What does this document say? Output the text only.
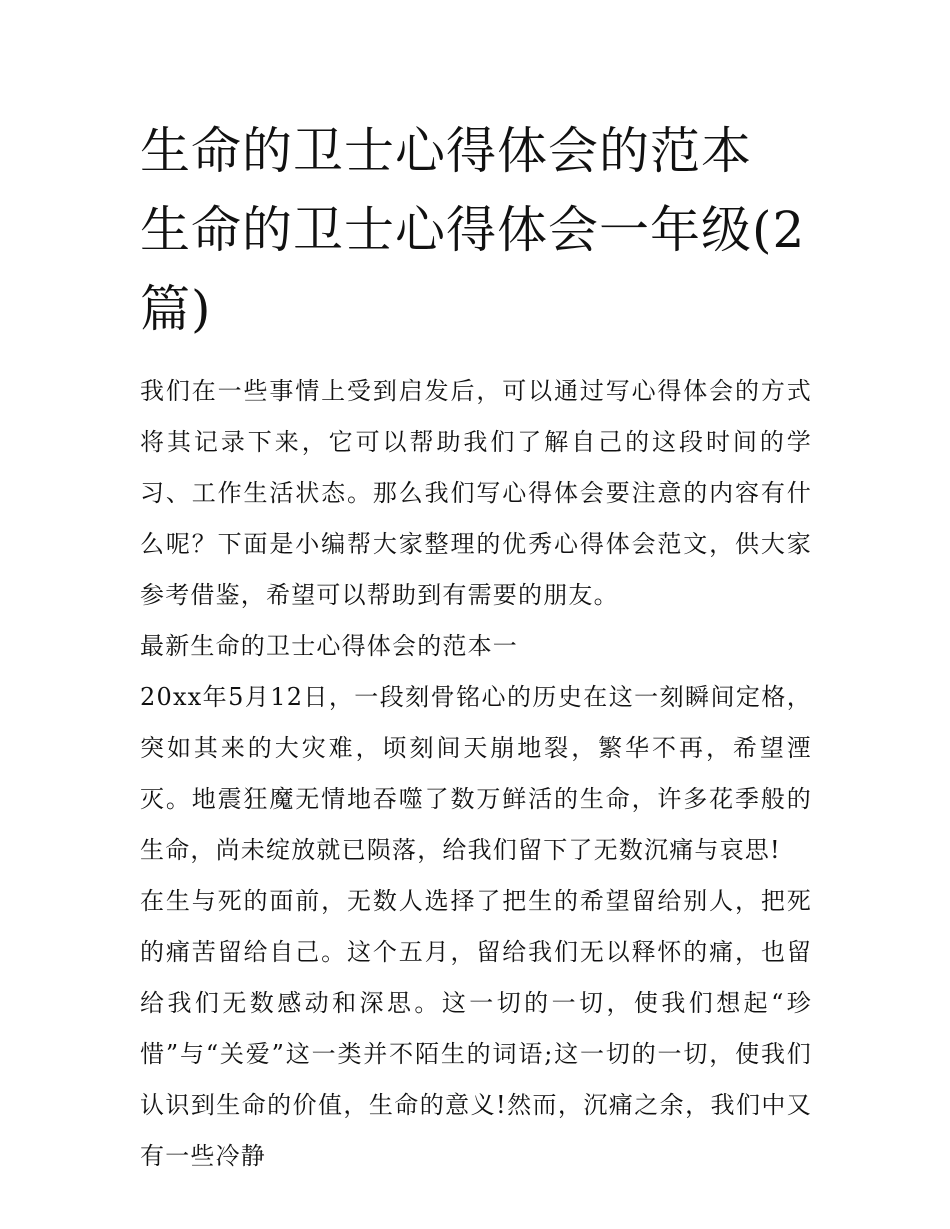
生命的卫士心得体会的范本 生命的卫士心得体会一年级(2篇)

我们在一些事情上受到启发后，可以通过写心得体会的方式将其记录下来，它可以帮助我们了解自己的这段时间的学习、工作生活状态。那么我们写心得体会要注意的内容有什么呢？下面是小编帮大家整理的优秀心得体会范文，供大家参考借鉴，希望可以帮助到有需要的朋友。

最新生命的卫士心得体会的范本一

20xx年5月12日，一段刻骨铭心的历史在这一刻瞬间定格，突如其来的大灾难，顷刻间天崩地裂，繁华不再，希望湮灭。地震狂魔无情地吞噬了数万鲜活的生命，许多花季般的生命，尚未绽放就已陨落，给我们留下了无数沉痛与哀思!

在生与死的面前，无数人选择了把生的希望留给别人，把死的痛苦留给自己。这个五月，留给我们无以释怀的痛，也留给我们无数感动和深思。这一切的一切，使我们想起“珍惜”与“关爱”这一类并不陌生的词语;这一切的一切，使我们认识到生命的价值，生命的意义!然而，沉痛之余，我们中又有一些冷静
